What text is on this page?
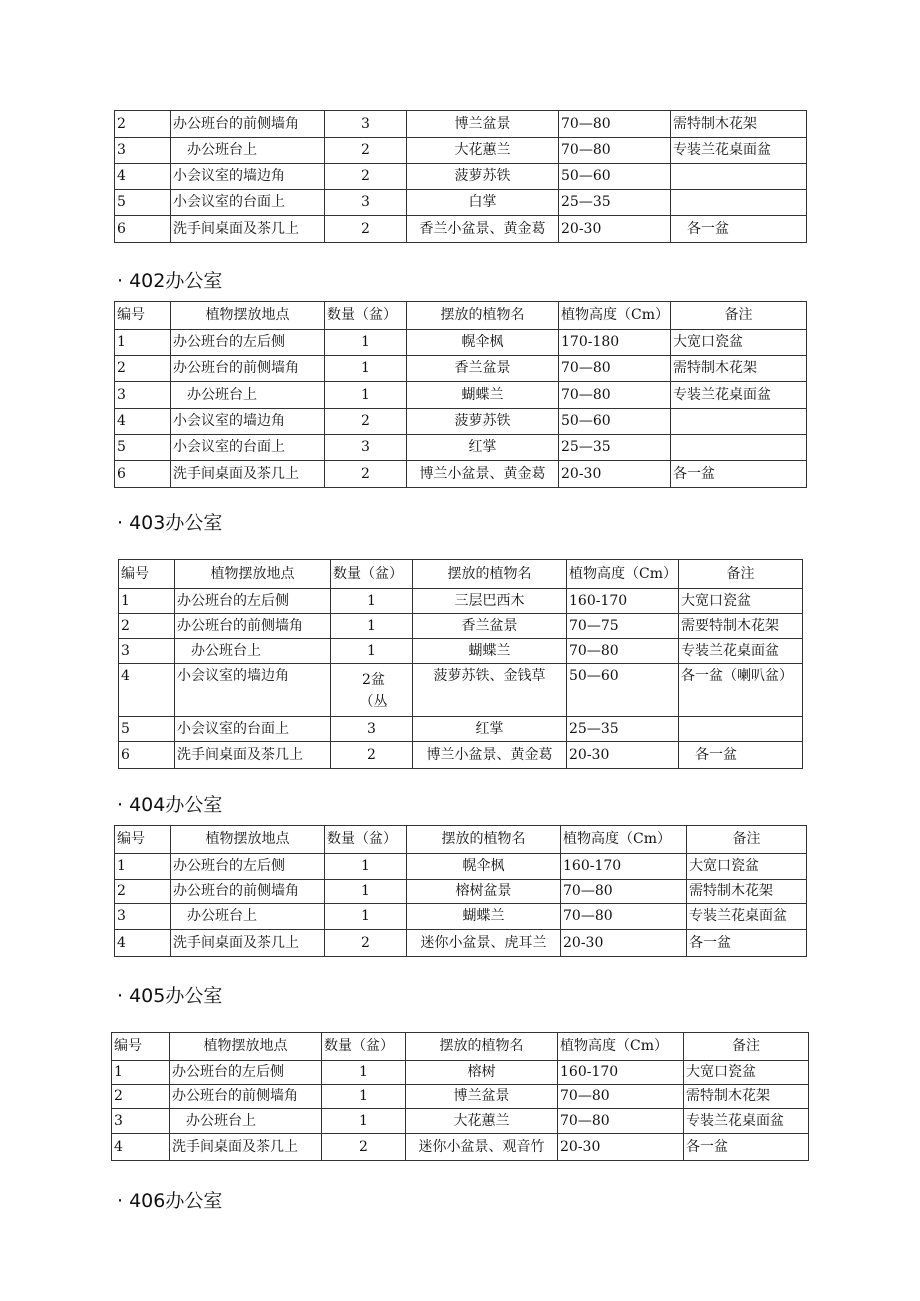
2	办公班台的前侧墙角	3	博兰盆景	70—80	需特制木花架
3	　办公班台上	2	大花蕙兰	70—80	专装兰花桌面盆
4	小会议室的墙边角	2	菠萝苏铁	50—60	
5	小会议室的台面上	3	白掌	25—35	
6	洗手间桌面及茶几上	2	香兰小盆景、黄金葛	20-30	　各一盆
· 402办公室
编号	植物摆放地点	数量（盆）	摆放的植物名	植物高度（Cm）	备注
1	办公班台的左后侧	1	幌伞枫	170-180	大宽口瓷盆
2	办公班台的前侧墙角	1	香兰盆景	70—80	需特制木花架
3	　办公班台上	1	蝴蝶兰	70—80	专装兰花桌面盆
4	小会议室的墙边角	2	菠萝苏铁	50—60	
5	小会议室的台面上	3	红掌	25—35	
6	洗手间桌面及茶几上	2	博兰小盆景、黄金葛	20-30	各一盆
· 403办公室
编号	植物摆放地点	数量（盆）	摆放的植物名	植物高度（Cm）	备注
1	办公班台的左后侧	1	三层巴西木	160-170	大宽口瓷盆
2	办公班台的前侧墙角	1	香兰盆景	70—75	需要特制木花架
3	　办公班台上	1	蝴蝶兰	70—80	专装兰花桌面盆
4	小会议室的墙边角	2盆（丛	菠萝苏铁、金钱草	50—60	各一盆（喇叭盆）
5	小会议室的台面上	3	红掌	25—35	
6	洗手间桌面及茶几上	2	博兰小盆景、黄金葛	20-30	　各一盆
· 404办公室
编号	植物摆放地点	数量（盆）	摆放的植物名	植物高度（Cm）	备注
1	办公班台的左后侧	1	幌伞枫	160-170	大宽口瓷盆
2	办公班台的前侧墙角	1	榕树盆景	70—80	需特制木花架
3	　办公班台上	1	蝴蝶兰	70—80	专装兰花桌面盆
4	洗手间桌面及茶几上	2	迷你小盆景、虎耳兰	20-30	各一盆
· 405办公室
编号	植物摆放地点	数量（盆）	摆放的植物名	植物高度（Cm）	备注
1	办公班台的左后侧	1	榕树	160-170	大宽口瓷盆
2	办公班台的前侧墙角	1	博兰盆景	70—80	需特制木花架
3	　办公班台上	1	大花蕙兰	70—80	专装兰花桌面盆
4	洗手间桌面及茶几上	2	迷你小盆景、观音竹	20-30	各一盆
· 406办公室
